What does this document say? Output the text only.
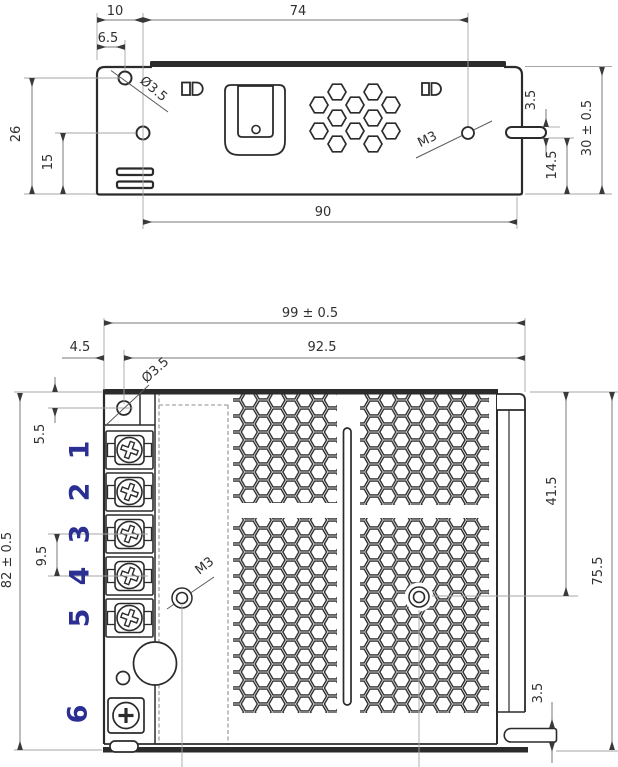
10
6.5
74
26
15
90
30 ± 0.5
3.5
14.5
Ø3.5
M3
99 ± 0.5
92.5
4.5
5.5
82 ± 0.5 9.5
41.5
75.5
3.5
Ø3.5
M3
1
2
3
4
5
6
